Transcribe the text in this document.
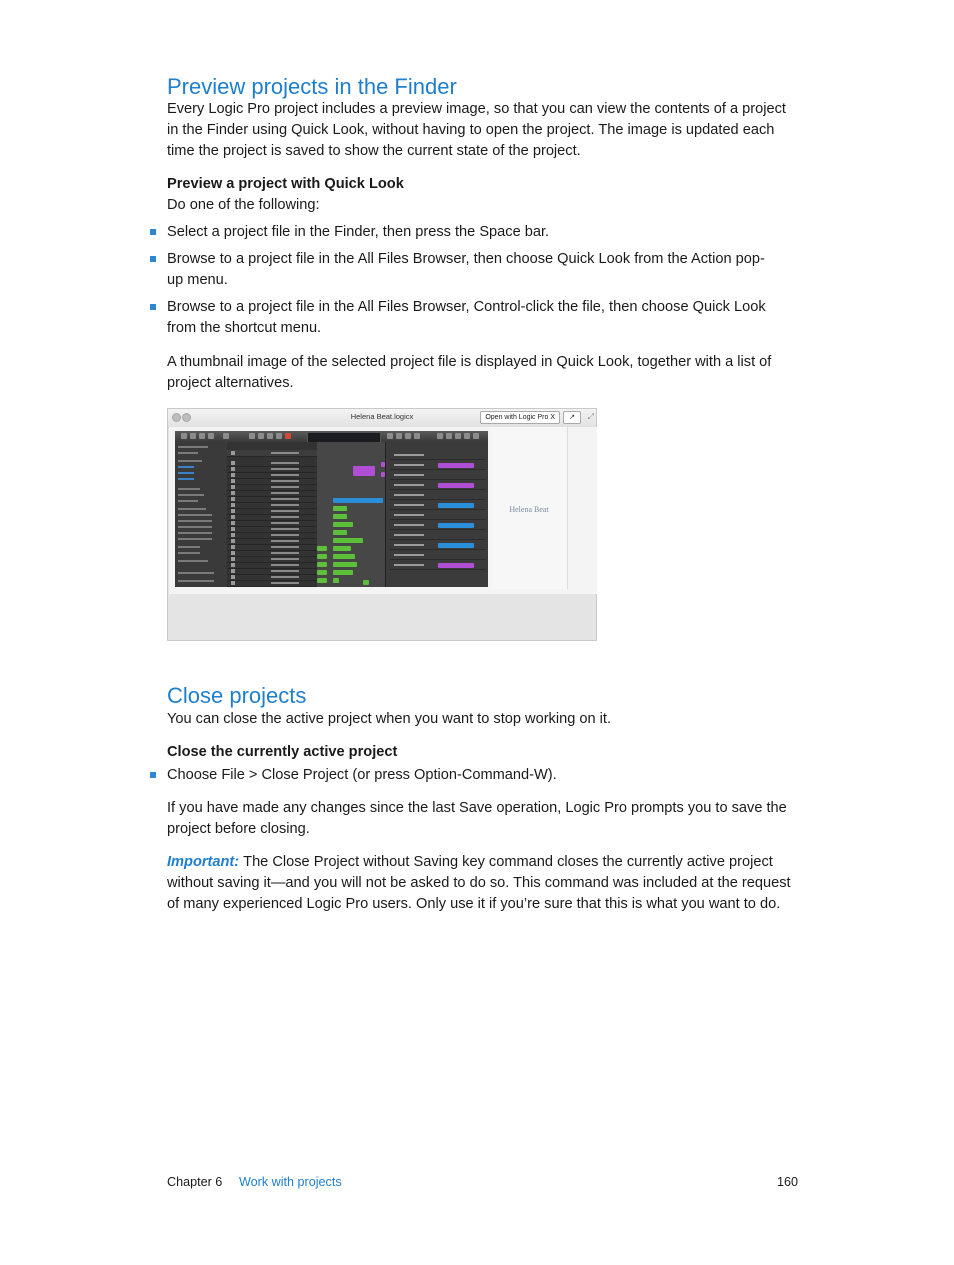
Preview projects in the Finder

Every Logic Pro project includes a preview image, so that you can view the contents of a project in the Finder using Quick Look, without having to open the project. The image is updated each time the project is saved to show the current state of the project.

Preview a project with Quick Look

Do one of the following:

Select a project file in the Finder, then press the Space bar.
Browse to a project file in the All Files Browser, then choose Quick Look from the Action pop-up menu.
Browse to a project file in the All Files Browser, Control-click the file, then choose Quick Look from the shortcut menu.

A thumbnail image of the selected project file is displayed in Quick Look, together with a list of project alternatives.

Helena Beat.logicx	Open with Logic Pro X	↗	⤢
Helena Beat
Close projects

You can close the active project when you want to stop working on it.

Close the currently active project
Choose File > Close Project (or press Option-Command-W).

If you have made any changes since the last Save operation, Logic Pro prompts you to save the project before closing.

Important: The Close Project without Saving key command closes the currently active project without saving it—and you will not be asked to do so. This command was included at the request of many experienced Logic Pro users. Only use it if you’re sure that this is what you want to do.

Chapter 6 Work with projects	160
